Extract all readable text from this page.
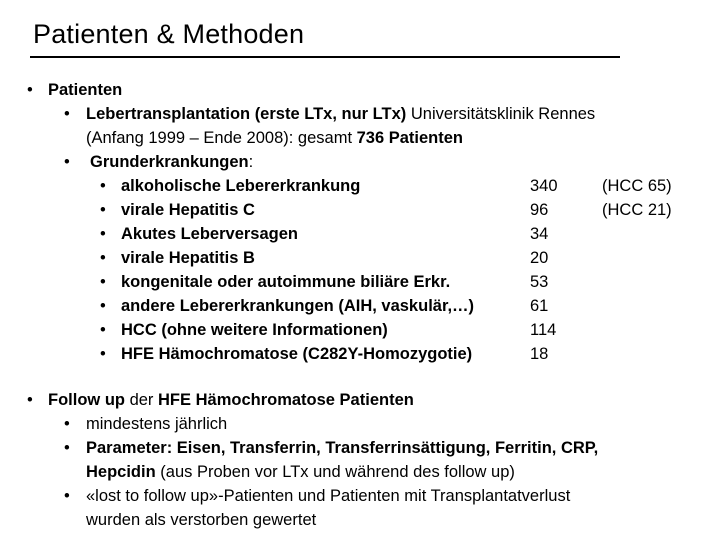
Patienten & Methoden
• Patienten
• Lebertransplantation (erste LTx, nur LTx) Universitätsklinik Rennes
(Anfang 1999 – Ende 2008): gesamt 736 Patienten
• Grunderkrankungen:
• alkoholische Lebererkrankung	340	(HCC 65)
• virale Hepatitis C	96	(HCC 21)
• Akutes Leberversagen	34
• virale Hepatitis B	20
• kongenitale oder autoimmune biliäre Erkr.	53
• andere Lebererkrankungen (AIH, vaskulär,…)	61
• HCC (ohne weitere Informationen)	114
• HFE Hämochromatose (C282Y-Homozygotie)	18
• Follow up der HFE Hämochromatose Patienten
• mindestens jährlich
• Parameter: Eisen, Transferrin, Transferrinsättigung, Ferritin, CRP,
Hepcidin (aus Proben vor LTx und während des follow up)
• «lost to follow up»-Patienten und Patienten mit Transplantatverlust
wurden als verstorben gewertet
